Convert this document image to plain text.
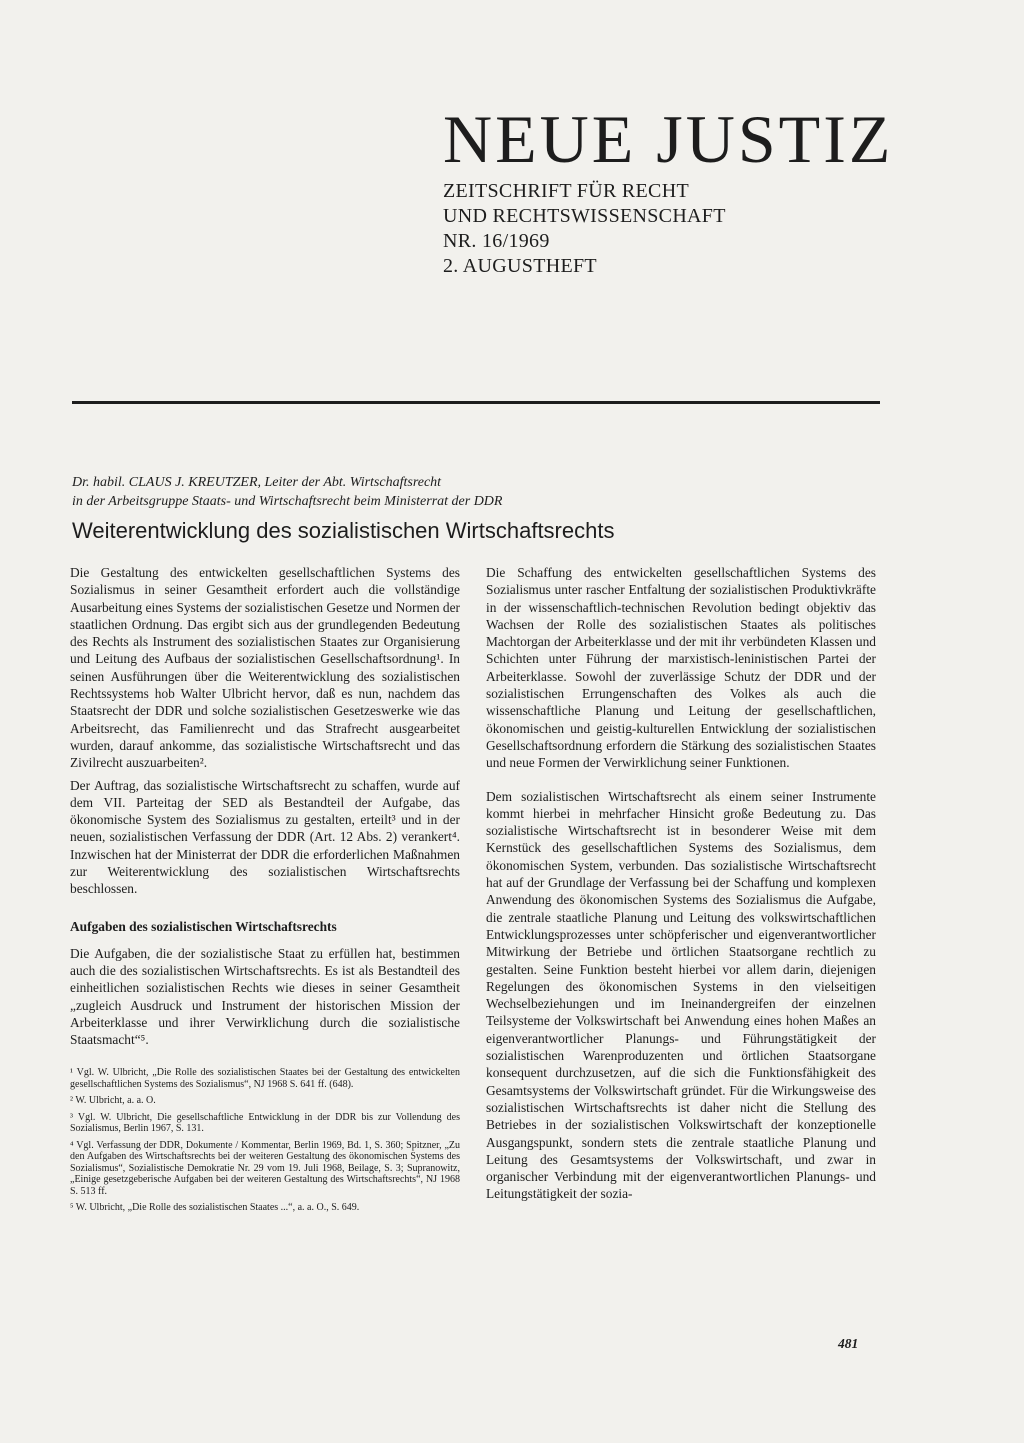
NEUE JUSTIZ

ZEITSCHRIFT FÜR RECHT

UND RECHTSWISSENSCHAFT

NR. 16/1969

2. AUGUSTHEFT

Dr. habil. CLAUS J. KREUTZER, Leiter der Abt. Wirtschaftsrecht

in der Arbeitsgruppe Staats- und Wirtschaftsrecht beim Ministerrat der DDR

Weiterentwicklung des sozialistischen Wirtschaftsrechts

Die Gestaltung des entwickelten gesellschaftlichen Systems des Sozialismus in seiner Gesamtheit erfordert auch die vollständige Ausarbeitung eines Systems der sozialistischen Gesetze und Normen der staatlichen Ordnung. Das ergibt sich aus der grundlegenden Bedeutung des Rechts als Instrument des sozialistischen Staates zur Organisierung und Leitung des Aufbaus der sozialistischen Gesellschaftsordnung¹. In seinen Ausführungen über die Weiterentwicklung des sozialistischen Rechtssystems hob Walter Ulbricht hervor, daß es nun, nachdem das Staatsrecht der DDR und solche sozialistischen Gesetzeswerke wie das Arbeitsrecht, das Familienrecht und das Strafrecht ausgearbeitet wurden, darauf ankomme, das sozialistische Wirtschaftsrecht und das Zivilrecht auszuarbeiten².

Der Auftrag, das sozialistische Wirtschaftsrecht zu schaffen, wurde auf dem VII. Parteitag der SED als Bestandteil der Aufgabe, das ökonomische System des Sozialismus zu gestalten, erteilt³ und in der neuen, sozialistischen Verfassung der DDR (Art. 12 Abs. 2) verankert⁴. Inzwischen hat der Ministerrat der DDR die erforderlichen Maßnahmen zur Weiterentwicklung des sozialistischen Wirtschaftsrechts beschlossen.

Aufgaben des sozialistischen Wirtschaftsrechts

Die Aufgaben, die der sozialistische Staat zu erfüllen hat, bestimmen auch die des sozialistischen Wirtschaftsrechts. Es ist als Bestandteil des einheitlichen sozialistischen Rechts wie dieses in seiner Gesamtheit „zugleich Ausdruck und Instrument der historischen Mission der Arbeiterklasse und ihrer Verwirklichung durch die sozialistische Staatsmacht“⁵.

¹ Vgl. W. Ulbricht, „Die Rolle des sozialistischen Staates bei der Gestaltung des entwickelten gesellschaftlichen Systems des Sozialismus“, NJ 1968 S. 641 ff. (648).

² W. Ulbricht, a. a. O.

³ Vgl. W. Ulbricht, Die gesellschaftliche Entwicklung in der DDR bis zur Vollendung des Sozialismus, Berlin 1967, S. 131.

⁴ Vgl. Verfassung der DDR, Dokumente / Kommentar, Berlin 1969, Bd. 1, S. 360; Spitzner, „Zu den Aufgaben des Wirtschaftsrechts bei der weiteren Gestaltung des ökonomischen Systems des Sozialismus“, Sozialistische Demokratie Nr. 29 vom 19. Juli 1968, Beilage, S. 3; Supranowitz, „Einige gesetzgeberische Aufgaben bei der weiteren Gestaltung des Wirtschaftsrechts“, NJ 1968 S. 513 ff.

⁵ W. Ulbricht, „Die Rolle des sozialistischen Staates ...“, a. a. O., S. 649.

Die Schaffung des entwickelten gesellschaftlichen Systems des Sozialismus unter rascher Entfaltung der sozialistischen Produktivkräfte in der wissenschaftlich-technischen Revolution bedingt objektiv das Wachsen der Rolle des sozialistischen Staates als politisches Machtorgan der Arbeiterklasse und der mit ihr verbündeten Klassen und Schichten unter Führung der marxistisch-leninistischen Partei der Arbeiterklasse. Sowohl der zuverlässige Schutz der DDR und der sozialistischen Errungenschaften des Volkes als auch die wissenschaftliche Planung und Leitung der gesellschaftlichen, ökonomischen und geistig-kulturellen Entwicklung der sozialistischen Gesellschaftsordnung erfordern die Stärkung des sozialistischen Staates und neue Formen der Verwirklichung seiner Funktionen.

Dem sozialistischen Wirtschaftsrecht als einem seiner Instrumente kommt hierbei in mehrfacher Hinsicht große Bedeutung zu. Das sozialistische Wirtschaftsrecht ist in besonderer Weise mit dem Kernstück des gesellschaftlichen Systems des Sozialismus, dem ökonomischen System, verbunden. Das sozialistische Wirtschaftsrecht hat auf der Grundlage der Verfassung bei der Schaffung und komplexen Anwendung des ökonomischen Systems des Sozialismus die Aufgabe, die zentrale staatliche Planung und Leitung des volkswirtschaftlichen Entwicklungsprozesses unter schöpferischer und eigenverantwortlicher Mitwirkung der Betriebe und örtlichen Staatsorgane rechtlich zu gestalten. Seine Funktion besteht hierbei vor allem darin, diejenigen Regelungen des ökonomischen Systems in den vielseitigen Wechselbeziehungen und im Ineinandergreifen der einzelnen Teilsysteme der Volkswirtschaft bei Anwendung eines hohen Maßes an eigenverantwortlicher Planungs- und Führungstätigkeit der sozialistischen Warenproduzenten und örtlichen Staatsorgane konsequent durchzusetzen, auf die sich die Funktionsfähigkeit des Gesamtsystems der Volkswirtschaft gründet. Für die Wirkungsweise des sozialistischen Wirtschaftsrechts ist daher nicht die Stellung des Betriebes in der sozialistischen Volkswirtschaft der konzeptionelle Ausgangspunkt, sondern stets die zentrale staatliche Planung und Leitung des Gesamtsystems der Volkswirtschaft, und zwar in organischer Verbindung mit der eigenverantwortlichen Planungs- und Leitungstätigkeit der sozia-

481
